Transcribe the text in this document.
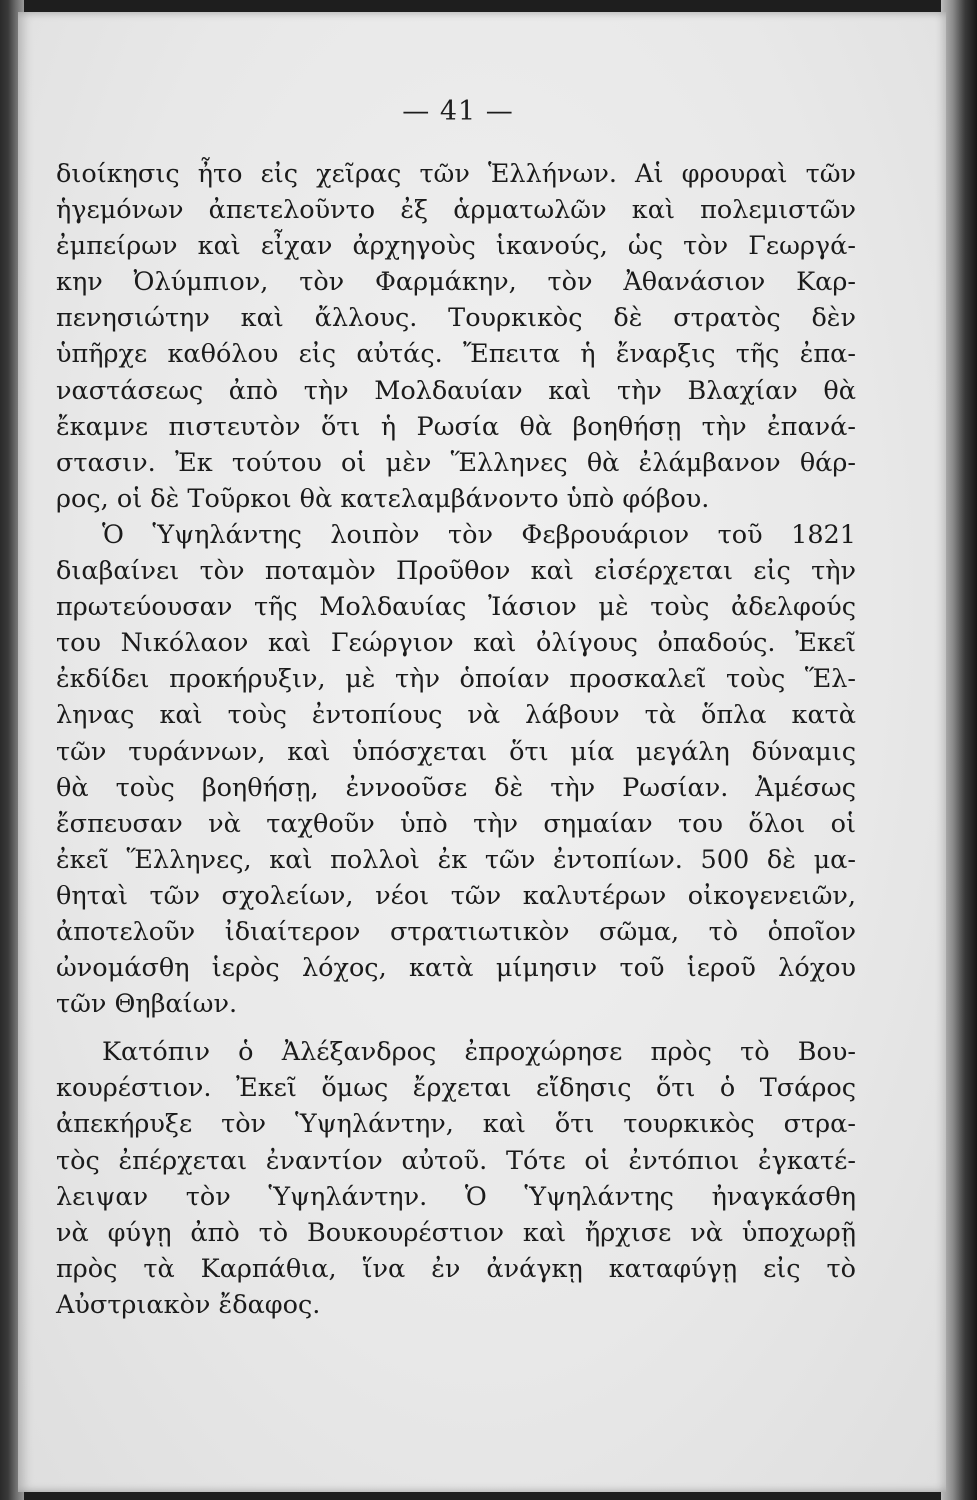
— 41 —
διοίκησις ἦτο εἰς χεῖρας τῶν Ἑλλήνων. Αἱ φρουραὶ τῶν
ἡγεμόνων ἀπετελοῦντο ἐξ ἁρματωλῶν καὶ πολεμιστῶν
ἐμπείρων καὶ εἶχαν ἀρχηγοὺς ἱκανούς, ὡς τὸν Γεωργά-
κην Ὀλύμπιον, τὸν Φαρμάκην, τὸν Ἀθανάσιον Καρ-
πενησιώτην καὶ ἄλλους. Τουρκικὸς δὲ στρατὸς δὲν
ὑπῆρχε καθόλου εἰς αὐτάς. Ἔπειτα ἡ ἔναρξις τῆς ἐπα-
ναστάσεως ἀπὸ τὴν Μολδαυίαν καὶ τὴν Βλαχίαν θὰ
ἔκαμνε πιστευτὸν ὅτι ἡ Ρωσία θὰ βοηθήσῃ τὴν ἐπανά-
στασιν. Ἐκ τούτου οἱ μὲν Ἕλληνες θὰ ἐλάμβανον θάρ-
ρος, οἱ δὲ Τοῦρκοι θὰ κατελαμβάνοντο ὑπὸ φόβου.
Ὁ Ὑψηλάντης λοιπὸν τὸν Φεβρουάριον τοῦ 1821
διαβαίνει τὸν ποταμὸν Προῦθον καὶ εἰσέρχεται εἰς τὴν
πρωτεύουσαν τῆς Μολδαυίας Ἰάσιον μὲ τοὺς ἀδελφούς
του Νικόλαον καὶ Γεώργιον καὶ ὀλίγους ὀπαδούς. Ἐκεῖ
ἐκδίδει προκήρυξιν, μὲ τὴν ὁποίαν προσκαλεῖ τοὺς Ἕλ-
ληνας καὶ τοὺς ἐντοπίους νὰ λάβουν τὰ ὅπλα κατὰ
τῶν τυράννων, καὶ ὑπόσχεται ὅτι μία μεγάλη δύναμις
θὰ τοὺς βοηθήσῃ, ἐννοοῦσε δὲ τὴν Ρωσίαν. Ἀμέσως
ἔσπευσαν νὰ ταχθοῦν ὑπὸ τὴν σημαίαν του ὅλοι οἱ
ἐκεῖ Ἕλληνες, καὶ πολλοὶ ἐκ τῶν ἐντοπίων. 500 δὲ μα-
θηταὶ τῶν σχολείων, νέοι τῶν καλυτέρων οἰκογενειῶν,
ἀποτελοῦν ἰδιαίτερον στρατιωτικὸν σῶμα, τὸ ὁποῖον
ὠνομάσθη ἱερὸς λόχος, κατὰ μίμησιν τοῦ ἱεροῦ λόχου
τῶν Θηβαίων.
Κατόπιν ὁ Ἀλέξανδρος ἐπροχώρησε πρὸς τὸ Βου-
κουρέστιον. Ἐκεῖ ὅμως ἔρχεται εἴδησις ὅτι ὁ Τσάρος
ἀπεκήρυξε τὸν Ὑψηλάντην, καὶ ὅτι τουρκικὸς στρα-
τὸς ἐπέρχεται ἐναντίον αὐτοῦ. Τότε οἱ ἐντόπιοι ἐγκατέ-
λειψαν τὸν Ὑψηλάντην. Ὁ Ὑψηλάντης ἠναγκάσθη
νὰ φύγῃ ἀπὸ τὸ Βουκουρέστιον καὶ ἤρχισε νὰ ὑποχωρῇ
πρὸς τὰ Καρπάθια, ἵνα ἐν ἀνάγκῃ καταφύγῃ εἰς τὸ
Αὐστριακὸν ἔδαφος.
